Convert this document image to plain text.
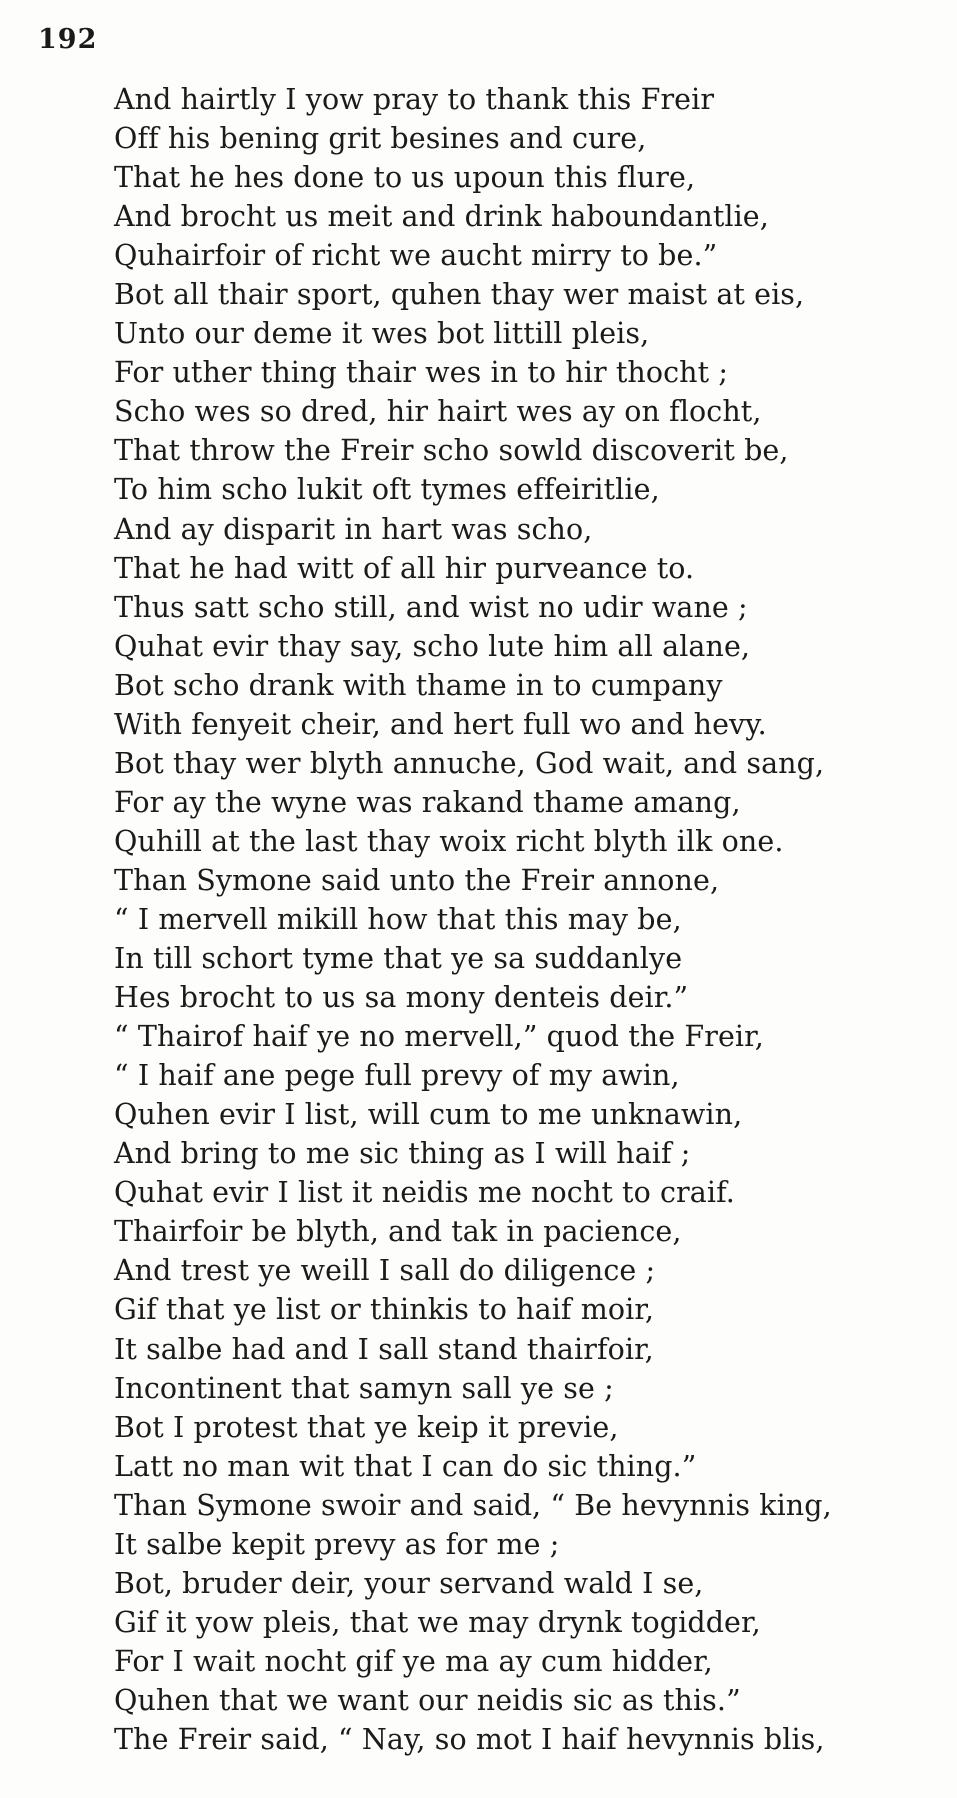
192
And hairtly I yow pray to thank this Freir
Off his bening grit besines and cure,
That he hes done to us upoun this flure,
And brocht us meit and drink haboundantlie,
Quhairfoir of richt we aucht mirry to be.”
Bot all thair sport, quhen thay wer maist at eis,
Unto our deme it wes bot littill pleis,
For uther thing thair wes in to hir thocht ;
Scho wes so dred, hir hairt wes ay on flocht,
That throw the Freir scho sowld discoverit be,
To him scho lukit oft tymes effeiritlie,
And ay disparit in hart was scho,
That he had witt of all hir purveance to.
Thus satt scho still, and wist no udir wane ;
Quhat evir thay say, scho lute him all alane,
Bot scho drank with thame in to cumpany
With fenyeit cheir, and hert full wo and hevy.
Bot thay wer blyth annuche, God wait, and sang,
For ay the wyne was rakand thame amang,
Quhill at the last thay woix richt blyth ilk one.
Than Symone said unto the Freir annone,
“ I mervell mikill how that this may be,
In till schort tyme that ye sa suddanlye
Hes brocht to us sa mony denteis deir.”
“ Thairof haif ye no mervell,” quod the Freir,
“ I haif ane pege full prevy of my awin,
Quhen evir I list, will cum to me unknawin,
And bring to me sic thing as I will haif ;
Quhat evir I list it neidis me nocht to craif.
Thairfoir be blyth, and tak in pacience,
And trest ye weill I sall do diligence ;
Gif that ye list or thinkis to haif moir,
It salbe had and I sall stand thairfoir,
Incontinent that samyn sall ye se ;
Bot I protest that ye keip it previe,
Latt no man wit that I can do sic thing.”
Than Symone swoir and said, “ Be hevynnis king,
It salbe kepit prevy as for me ;
Bot, bruder deir, your servand wald I se,
Gif it yow pleis, that we may drynk togidder,
For I wait nocht gif ye ma ay cum hidder,
Quhen that we want our neidis sic as this.”
The Freir said, “ Nay, so mot I haif hevynnis blis,
